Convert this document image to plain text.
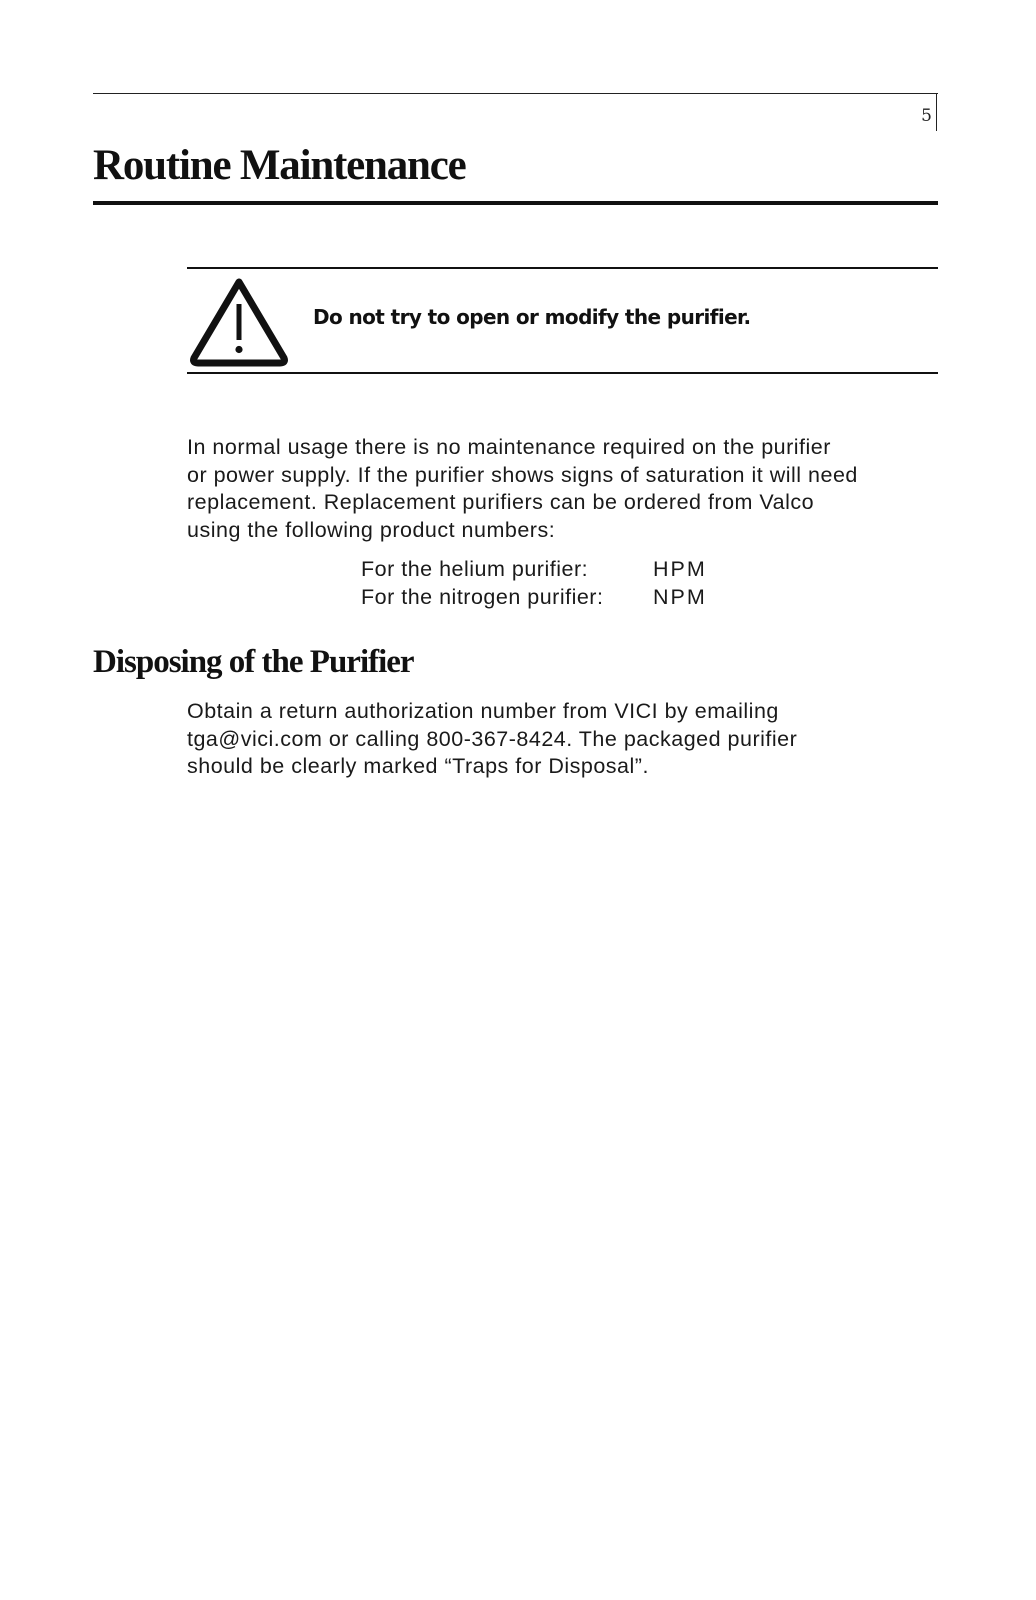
5
Routine Maintenance
Do not try to open or modify the purifier.

In normal usage there is no maintenance required on the purifier
or power supply. If the purifier shows signs of saturation it will need
replacement. Replacement purifiers can be ordered from Valco
using the following product numbers:

For the helium purifier:	HPM
For the nitrogen purifier:	NPM
Disposing of the Purifier

Obtain a return authorization number from VICI by emailing
tga@vici.com or calling 800-367-8424. The packaged purifier
should be clearly marked “Traps for Disposal”.
